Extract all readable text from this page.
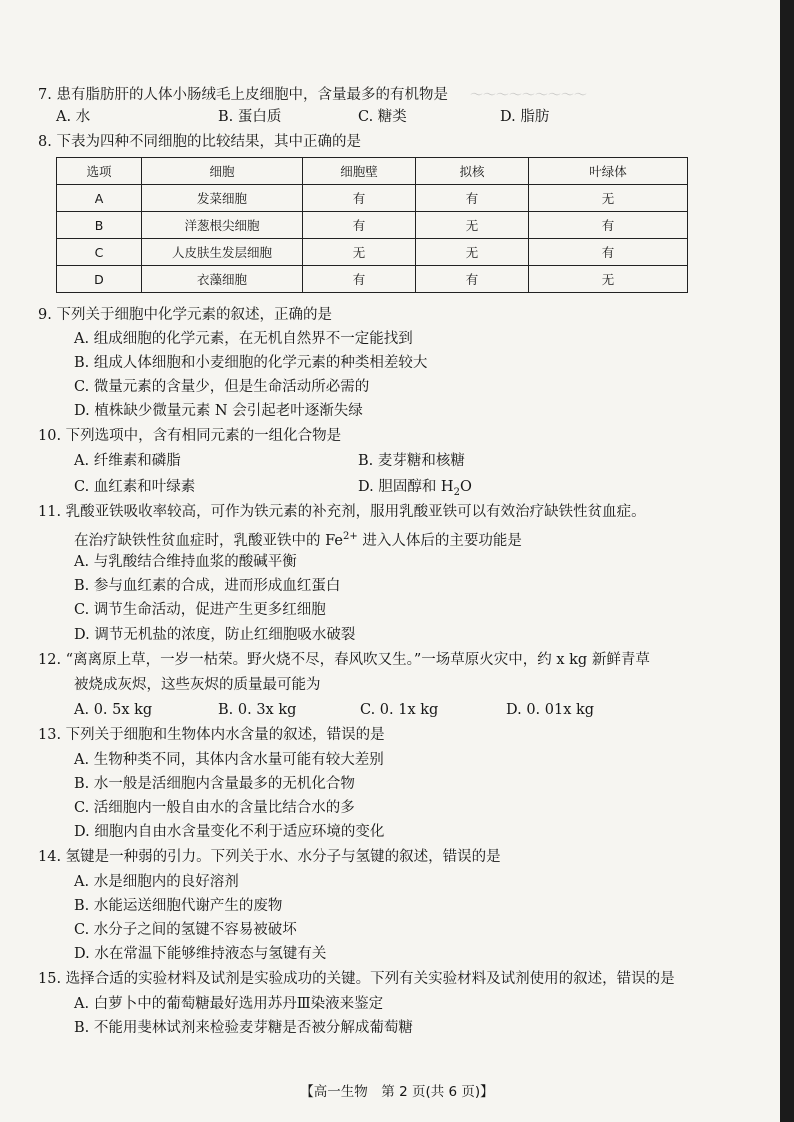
～～～～～～～～～
7. 患有脂肪肝的人体小肠绒毛上皮细胞中，含量最多的有机物是
A. 水	B. 蛋白质	C. 糖类	D. 脂肪
8. 下表为四种不同细胞的比较结果，其中正确的是
选项	细胞	细胞壁	拟核	叶绿体
A	发菜细胞	有	有	无
B	洋葱根尖细胞	有	无	有
C	人皮肤生发层细胞	无	无	有
D	衣藻细胞	有	有	无
9. 下列关于细胞中化学元素的叙述，正确的是
A. 组成细胞的化学元素，在无机自然界不一定能找到
B. 组成人体细胞和小麦细胞的化学元素的种类相差较大
C. 微量元素的含量少，但是生命活动所必需的
D. 植株缺少微量元素 N 会引起老叶逐渐失绿
10. 下列选项中，含有相同元素的一组化合物是
A. 纤维素和磷脂	B. 麦芽糖和核糖
C. 血红素和叶绿素	D. 胆固醇和 $H_2O$
11. 乳酸亚铁吸收率较高，可作为铁元素的补充剂，服用乳酸亚铁可以有效治疗缺铁性贫血症。
在治疗缺铁性贫血症时，乳酸亚铁中的 $Fe^{2+}$ 进入人体后的主要功能是
A. 与乳酸结合维持血浆的酸碱平衡
B. 参与血红素的合成，进而形成血红蛋白
C. 调节生命活动，促进产生更多红细胞
D. 调节无机盐的浓度，防止红细胞吸水破裂
12. “离离原上草，一岁一枯荣。野火烧不尽，春风吹又生。”一场草原火灾中，约 x kg 新鲜青草
被烧成灰烬，这些灰烬的质量最可能为
A. 0. 5x kg	B. 0. 3x kg	C. 0. 1x kg	D. 0. 01x kg
13. 下列关于细胞和生物体内水含量的叙述，错误的是
A. 生物种类不同，其体内含水量可能有较大差别
B. 水一般是活细胞内含量最多的无机化合物
C. 活细胞内一般自由水的含量比结合水的多
D. 细胞内自由水含量变化不利于适应环境的变化
14. 氢键是一种弱的引力。下列关于水、水分子与氢键的叙述，错误的是
A. 水是细胞内的良好溶剂
B. 水能运送细胞代谢产生的废物
C. 水分子之间的氢键不容易被破坏
D. 水在常温下能够维持液态与氢键有关
15. 选择合适的实验材料及试剂是实验成功的关键。下列有关实验材料及试剂使用的叙述，错误的是
A. 白萝卜中的葡萄糖最好选用苏丹Ⅲ染液来鉴定
B. 不能用斐林试剂来检验麦芽糖是否被分解成葡萄糖
【高一生物　第 2 页(共 6 页)】
